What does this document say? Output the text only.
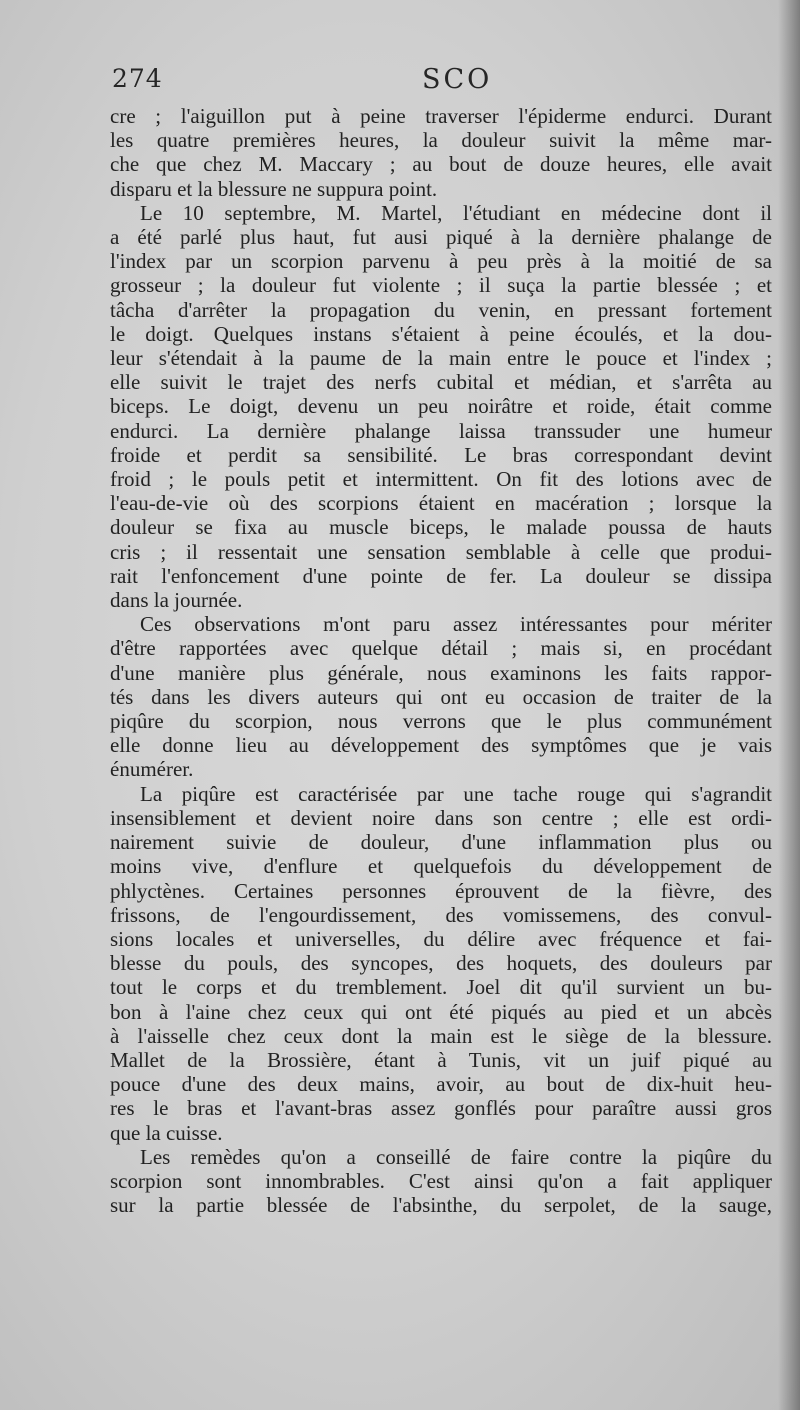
274	SCO
cre ; l'aiguillon put à peine traverser l'épiderme endurci. Durant
les quatre premières heures, la douleur suivit la même mar-
che que chez M. Maccary ; au bout de douze heures, elle avait
disparu et la blessure ne suppura point.
Le 10 septembre, M. Martel, l'étudiant en médecine dont il
a été parlé plus haut, fut ausi piqué à la dernière phalange de
l'index par un scorpion parvenu à peu près à la moitié de sa
grosseur ; la douleur fut violente ; il suça la partie blessée ; et
tâcha d'arrêter la propagation du venin, en pressant fortement
le doigt. Quelques instans s'étaient à peine écoulés, et la dou-
leur s'étendait à la paume de la main entre le pouce et l'index ;
elle suivit le trajet des nerfs cubital et médian, et s'arrêta au
biceps. Le doigt, devenu un peu noirâtre et roide, était comme
endurci. La dernière phalange laissa transsuder une humeur
froide et perdit sa sensibilité. Le bras correspondant devint
froid ; le pouls petit et intermittent. On fit des lotions avec de
l'eau-de-vie où des scorpions étaient en macération ; lorsque la
douleur se fixa au muscle biceps, le malade poussa de hauts
cris ; il ressentait une sensation semblable à celle que produi-
rait l'enfoncement d'une pointe de fer. La douleur se dissipa
dans la journée.
Ces observations m'ont paru assez intéressantes pour mériter
d'être rapportées avec quelque détail ; mais si, en procédant
d'une manière plus générale, nous examinons les faits rappor-
tés dans les divers auteurs qui ont eu occasion de traiter de la
piqûre du scorpion, nous verrons que le plus communément
elle donne lieu au développement des symptômes que je vais
énumérer.
La piqûre est caractérisée par une tache rouge qui s'agrandit
insensiblement et devient noire dans son centre ; elle est ordi-
nairement suivie de douleur, d'une inflammation plus ou
moins vive, d'enflure et quelquefois du développement de
phlyctènes. Certaines personnes éprouvent de la fièvre, des
frissons, de l'engourdissement, des vomissemens, des convul-
sions locales et universelles, du délire avec fréquence et fai-
blesse du pouls, des syncopes, des hoquets, des douleurs par
tout le corps et du tremblement. Joel dit qu'il survient un bu-
bon à l'aine chez ceux qui ont été piqués au pied et un abcès
à l'aisselle chez ceux dont la main est le siège de la blessure.
Mallet de la Brossière, étant à Tunis, vit un juif piqué au
pouce d'une des deux mains, avoir, au bout de dix-huit heu-
res le bras et l'avant-bras assez gonflés pour paraître aussi gros
que la cuisse.
Les remèdes qu'on a conseillé de faire contre la piqûre du
scorpion sont innombrables. C'est ainsi qu'on a fait appliquer
sur la partie blessée de l'absinthe, du serpolet, de la sauge,
